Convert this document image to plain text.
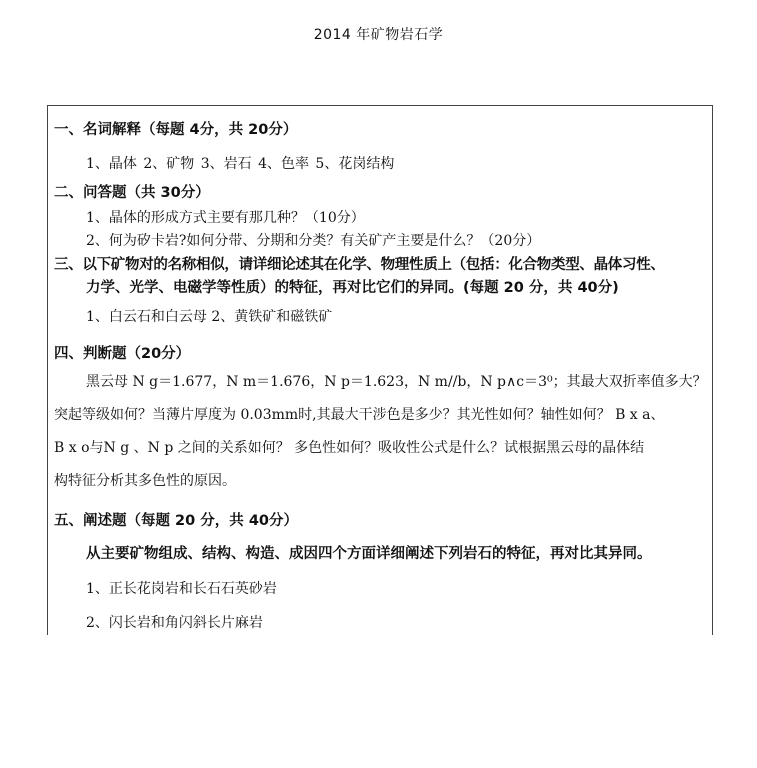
2014 年矿物岩石学
一、名词解释（每题 4分，共 20分）
1、晶体 2、矿物 3、岩石 4、色率 5、花岗结构
二、问答题（共 30分）
1、晶体的形成方式主要有那几种？（10分）
2、何为矽卡岩?如何分带、分期和分类？有关矿产主要是什么？（20分）
三、以下矿物对的名称相似，请详细论述其在化学、物理性质上（包括：化合物类型、晶体习性、
力学、光学、电磁学等性质）的特征，再对比它们的异同。(每题 20 分，共 40分)
1、白云石和白云母 2、黄铁矿和磁铁矿
四、判断题（20分）
黑云母 N g＝1.677，N m＝1.676，N p＝1.623，N m//b，N p∧c＝3⁰；其最大双折率值多大？
突起等级如何？当薄片厚度为 0.03mm时,其最大干涉色是多少？其光性如何？轴性如何？ B x a、
B x o与N g 、N p 之间的关系如何？ 多色性如何？吸收性公式是什么？试根据黑云母的晶体结
构特征分析其多色性的原因。
五、阐述题（每题 20 分，共 40分）
从主要矿物组成、结构、构造、成因四个方面详细阐述下列岩石的特征，再对比其异同。
1、正长花岗岩和长石石英砂岩
2、闪长岩和角闪斜长片麻岩
